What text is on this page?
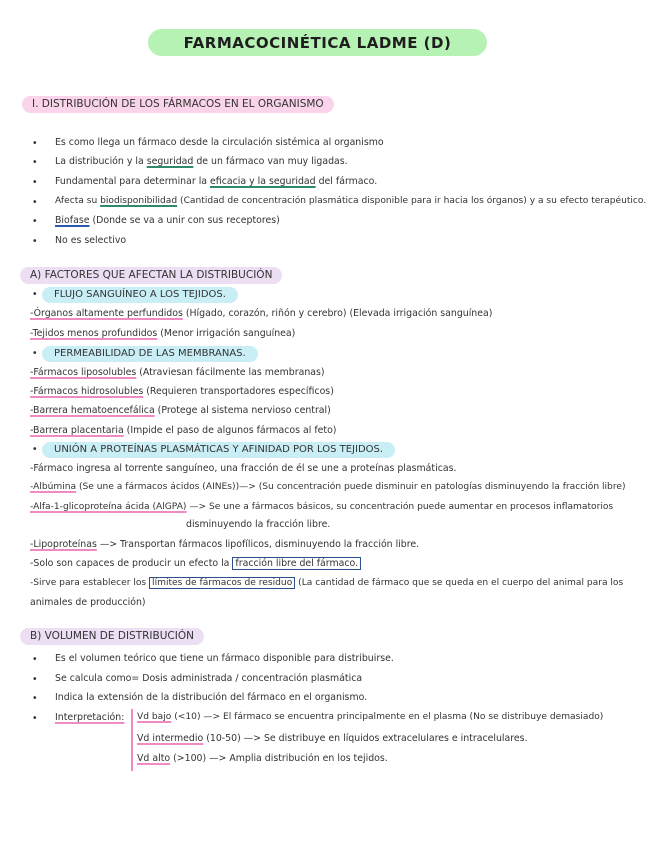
FARMACOCINÉTICA LADME (D)
I. DISTRIBUCIÓN DE LOS FÁRMACOS EN EL ORGANISMO
• Es como llega un fármaco desde la circulación sistémica al organismo
• La distribución y la seguridad de un fármaco van muy ligadas.
• Fundamental para determinar la eficacia y la seguridad del fármaco.
• Afecta su biodisponibilidad (Cantidad de concentración plasmática disponible para ir hacia los órganos) y a su efecto terapéutico.
• Biofase (Donde se va a unir con sus receptores)
• No es selectivo
A) FACTORES QUE AFECTAN LA DISTRIBUCIÓN
•	FLUJO SANGUÍNEO A LOS TEJIDOS.
-Órganos altamente perfundidos (Hígado, corazón, riñón y cerebro) (Elevada irrigación sanguínea)
-Tejidos menos profundidos (Menor irrigación sanguínea)
•	PERMEABILIDAD DE LAS MEMBRANAS.
-Fármacos liposolubles (Atraviesan fácilmente las membranas)
-Fármacos hidrosolubles (Requieren transportadores específicos)
-Barrera hematoencefálica (Protege al sistema nervioso central)
-Barrera placentaria (Impide el paso de algunos fármacos al feto)
•	UNIÓN A PROTEÍNAS PLASMÁTICAS Y AFINIDAD POR LOS TEJIDOS.
-Fármaco ingresa al torrente sanguíneo, una fracción de él se une a proteínas plasmáticas.
-Albúmina (Se une a fármacos ácidos (AINEs))—> (Su concentración puede disminuir en patologías disminuyendo la fracción libre)
-Alfa-1-glicoproteína ácida (AlGPA) —> Se une a fármacos básicos, su concentración puede aumentar en procesos inflamatorios
disminuyendo la fracción libre.
-Lipoproteínas —> Transportan fármacos lipofílicos, disminuyendo la fracción libre.
-Solo son capaces de producir un efecto la fracción libre del fármaco.
-Sirve para establecer los límites de fármacos de residuo (La cantidad de fármaco que se queda en el cuerpo del animal para los
animales de producción)
B) VOLUMEN DE DISTRIBUCIÓN
• Es el volumen teórico que tiene un fármaco disponible para distribuirse.
• Se calcula como= Dosis administrada / concentración plasmática
• Indica la extensión de la distribución del fármaco en el organismo.
• Interpretación: Vd bajo (<10) —> El fármaco se encuentra principalmente en el plasma (No se distribuye demasiado)
Vd intermedio (10-50) —> Se distribuye en líquidos extracelulares e intracelulares.
Vd alto (>100) —> Amplia distribución en los tejidos.
